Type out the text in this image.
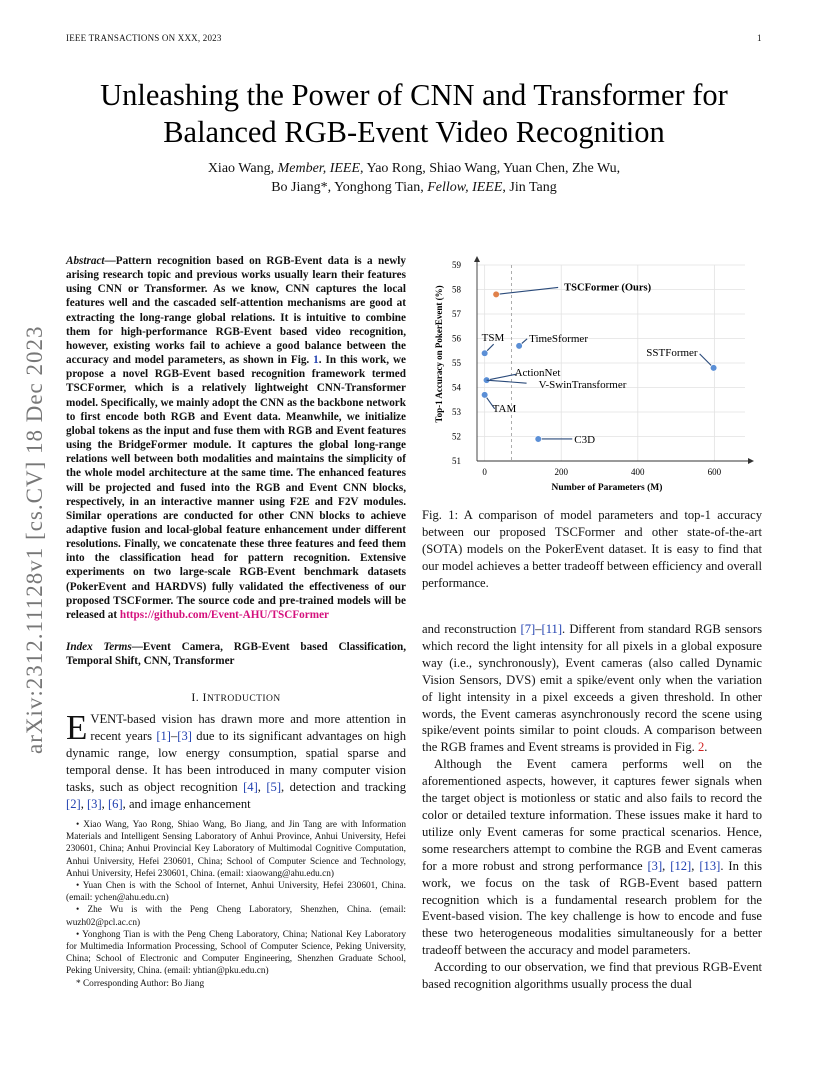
IEEE TRANSACTIONS ON XXX, 2023	1
Unleashing the Power of CNN and Transformer for
Balanced RGB-Event Video Recognition
Xiao Wang, Member, IEEE, Yao Rong, Shiao Wang, Yuan Chen, Zhe Wu,
Bo Jiang*, Yonghong Tian, Fellow, IEEE, Jin Tang
arXiv:2312.11128v1 [cs.CV] 18 Dec 2023
Abstract—Pattern recognition based on RGB-Event data is a newly arising research topic and previous works usually learn their features using CNN or Transformer. As we know, CNN captures the local features well and the cascaded self-attention mechanisms are good at extracting the long-range global relations. It is intuitive to combine them for high-performance RGB-Event based video recognition, however, existing works fail to achieve a good balance between the accuracy and model parameters, as shown in Fig. 1. In this work, we propose a novel RGB-Event based recognition framework termed TSCFormer, which is a relatively lightweight CNN-Transformer model. Specifically, we mainly adopt the CNN as the backbone network to first encode both RGB and Event data. Meanwhile, we initialize global tokens as the input and fuse them with RGB and Event features using the BridgeFormer module. It captures the global long-range relations well between both modalities and maintains the simplicity of the whole model architecture at the same time. The enhanced features will be projected and fused into the RGB and Event CNN blocks, respectively, in an interactive manner using F2E and F2V modules. Similar operations are conducted for other CNN blocks to achieve adaptive fusion and local-global feature enhancement under different resolutions. Finally, we concatenate these three features and feed them into the classification head for pattern recognition. Extensive experiments on two large-scale RGB-Event benchmark datasets (PokerEvent and HARDVS) fully validated the effectiveness of our proposed TSCFormer. The source code and pre-trained models will be released at https://github.com/Event-AHU/TSCFormer
Index Terms—Event Camera, RGB-Event based Classification, Temporal Shift, CNN, Transformer
I. INTRODUCTION
EVENT-based vision has drawn more and more attention in recent years [1]–[3] due to its significant advantages on high dynamic range, low energy consumption, spatial sparse and temporal dense. It has been introduced in many computer vision tasks, such as object recognition [4], [5], detection and tracking [2], [3], [6], and image enhancement

• Xiao Wang, Yao Rong, Shiao Wang, Bo Jiang, and Jin Tang are with Information Materials and Intelligent Sensing Laboratory of Anhui Province, Anhui University, Hefei 230601, China; Anhui Provincial Key Laboratory of Multimodal Cognitive Computation, Anhui University, Hefei 230601, China; School of Computer Science and Technology, Anhui University, Hefei 230601, China. (email: xiaowang@ahu.edu.cn)

• Yuan Chen is with the School of Internet, Anhui University, Hefei 230601, China. (email: ychen@ahu.edu.cn)

• Zhe Wu is with the Peng Cheng Laboratory, Shenzhen, China. (email: wuzh02@pcl.ac.cn)

• Yonghong Tian is with the Peng Cheng Laboratory, China; National Key Laboratory for Multimedia Information Processing, School of Computer Science, Peking University, China; School of Electronic and Computer Engineering, Shenzhen Graduate School, Peking University, China. (email: yhtian@pku.edu.cn)

* Corresponding Author: Bo Jiang

51
52
53
54
55
56
57
58
59
0	200	400	600
TSCFormer (Ours)
TSM TimeSformer
SSTFormer
ActionNet
V-SwinTransformer
TAM
C3D
Number of Parameters (M)
Top-1 Accuracy on PokerEvent (%)
Fig. 1: A comparison of model parameters and top-1 accuracy between our proposed TSCFormer and other state-of-the-art (SOTA) models on the PokerEvent dataset. It is easy to find that our model achieves a better tradeoff between efficiency and overall performance.

and reconstruction [7]–[11]. Different from standard RGB sensors which record the light intensity for all pixels in a global exposure way (i.e., synchronously), Event cameras (also called Dynamic Vision Sensors, DVS) emit a spike/event only when the variation of light intensity in a pixel exceeds a given threshold. In other words, the Event cameras asynchronously record the scene using spike/event points similar to point clouds. A comparison between the RGB frames and Event streams is provided in Fig. 2.

Although the Event camera performs well on the aforementioned aspects, however, it captures fewer signals when the target object is motionless or static and also fails to record the color or detailed texture information. These issues make it hard to utilize only Event cameras for some practical scenarios. Hence, some researchers attempt to combine the RGB and Event cameras for a more robust and strong performance [3], [12], [13]. In this work, we focus on the task of RGB-Event based pattern recognition which is a fundamental research problem for the Event-based vision. The key challenge is how to encode and fuse these two heterogeneous modalities simultaneously for a better tradeoff between the accuracy and model parameters.

According to our observation, we find that previous RGB-Event based recognition algorithms usually process the dual
